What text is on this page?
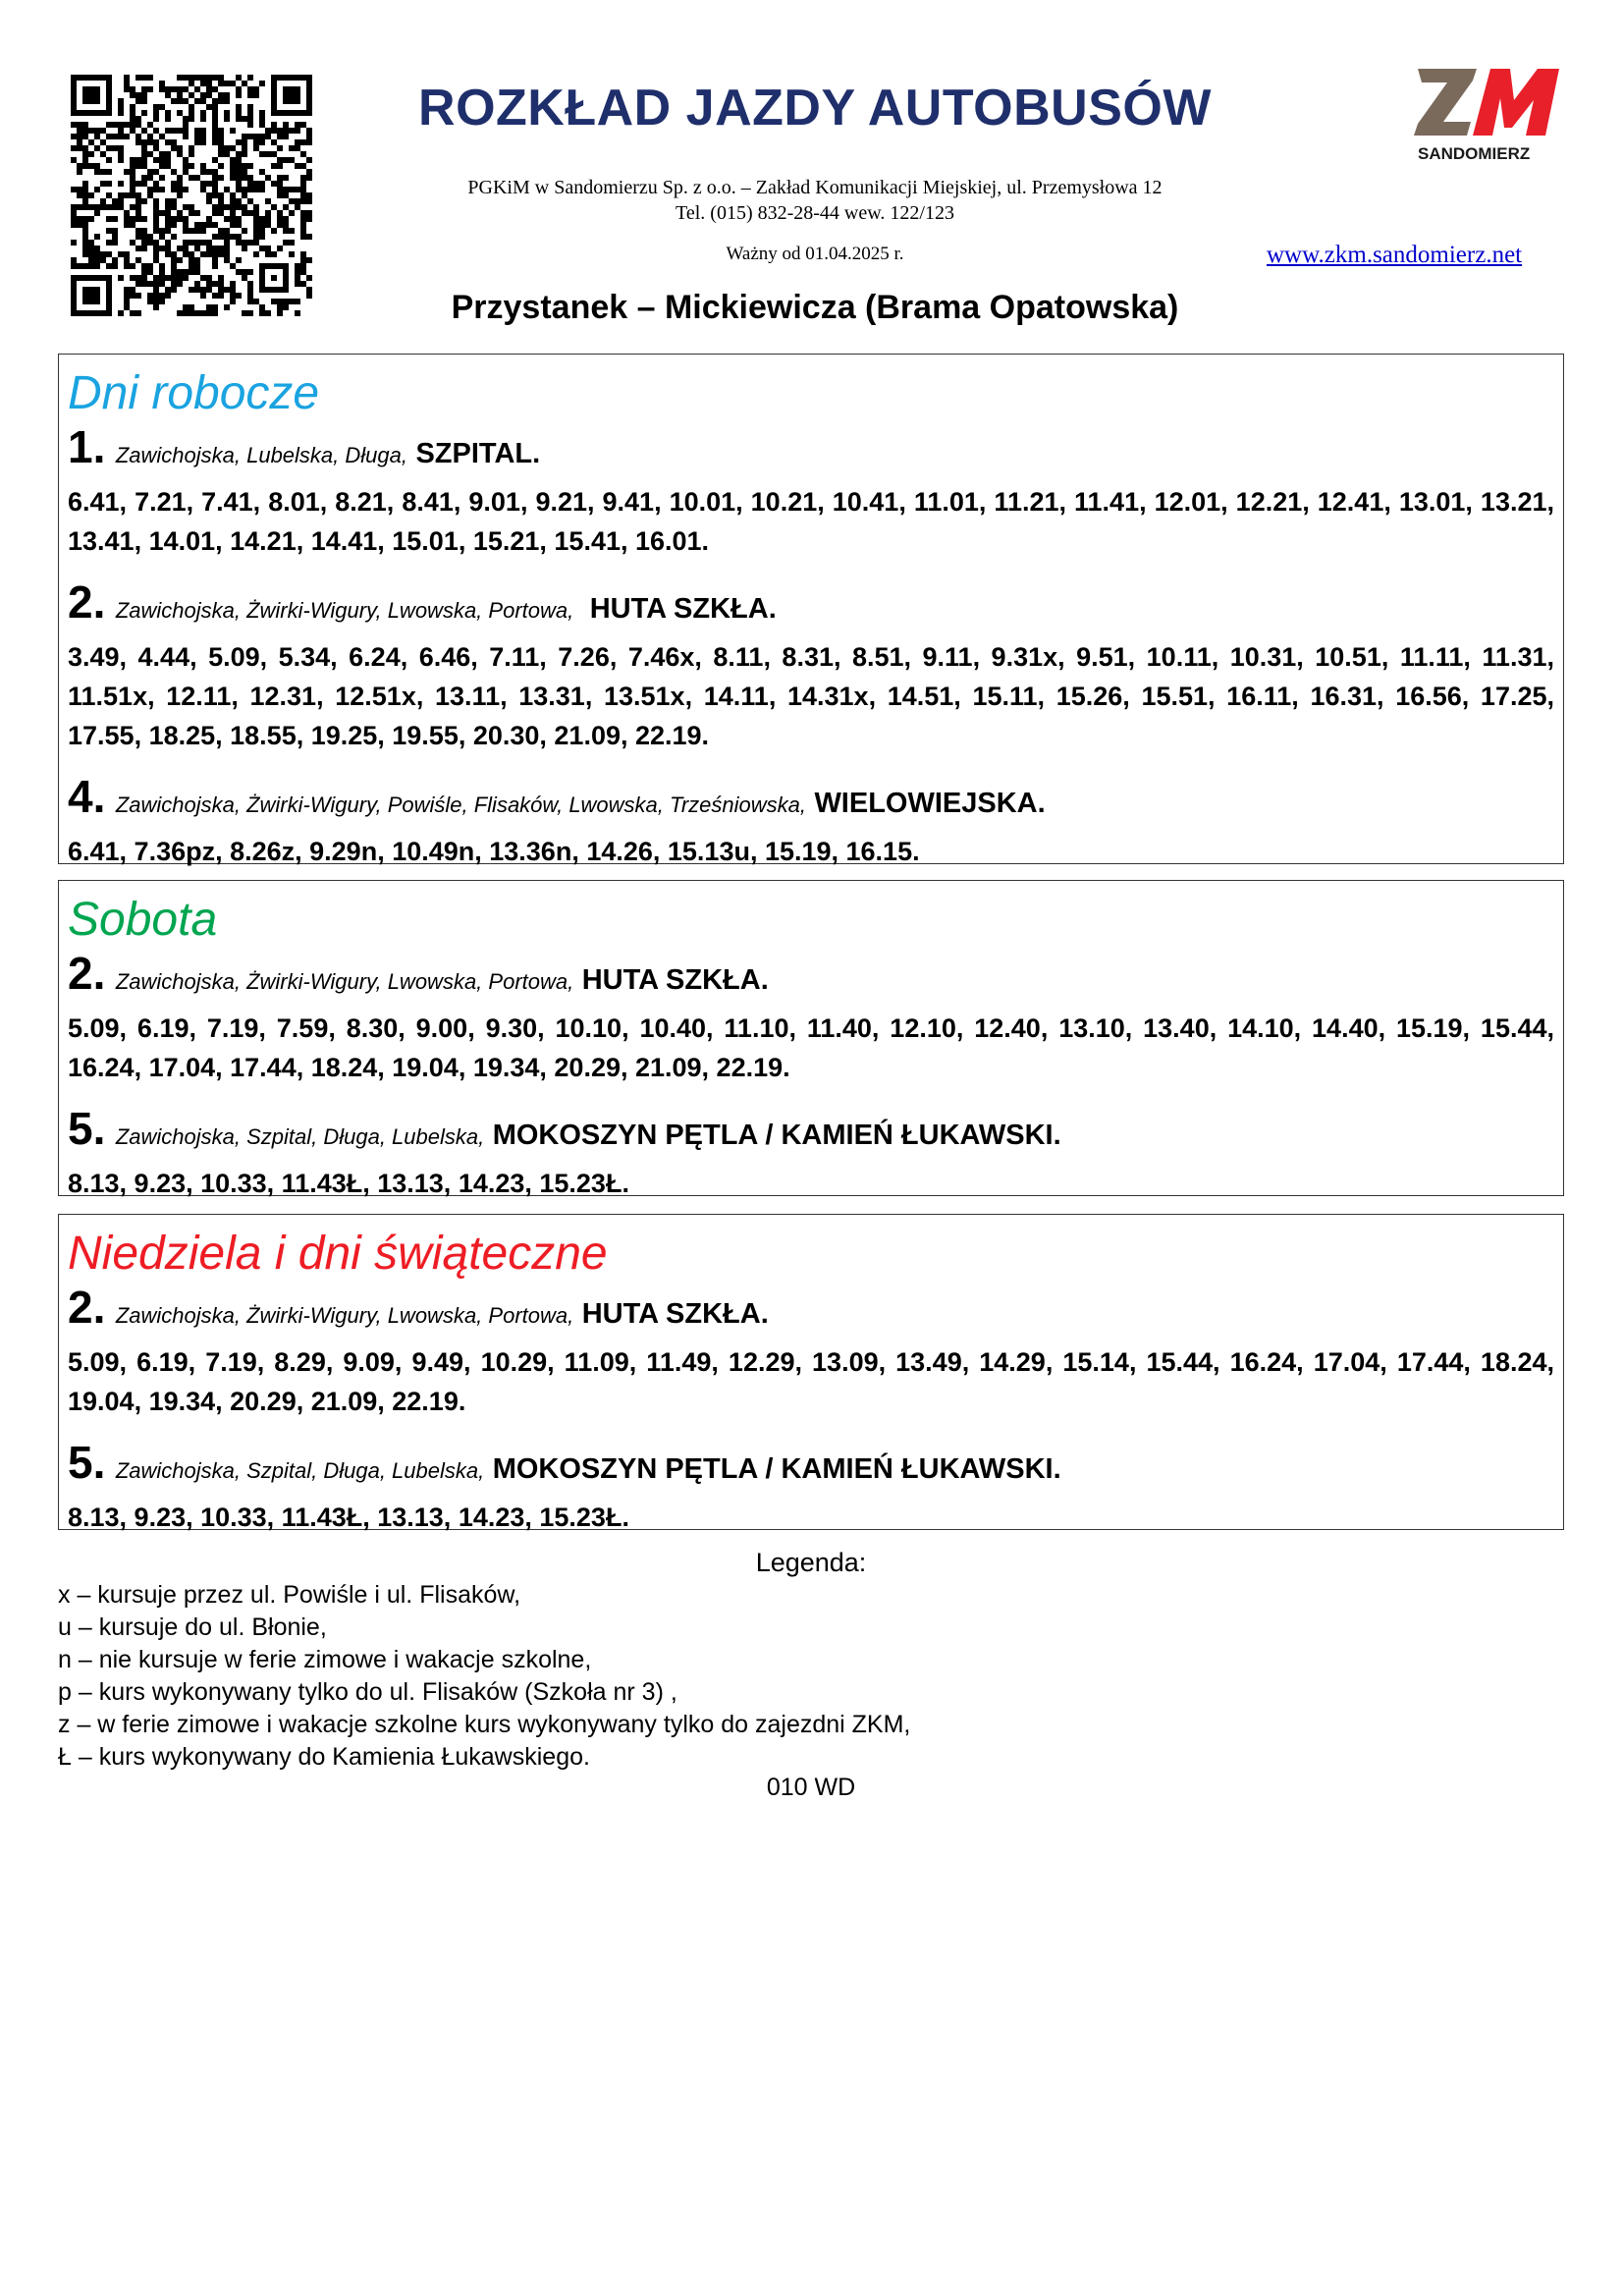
SANDOMIERZ
ROZKŁAD JAZDY AUTOBUSÓW
PGKiM w Sandomierzu Sp. z o.o. – Zakład Komunikacji Miejskiej, ul. Przemysłowa 12
Tel. (015) 832-28-44 wew. 122/123
Ważny od 01.04.2025 r.	www.zkm.sandomierz.net
Przystanek – Mickiewicza (Brama Opatowska)
Dni robocze
1. Zawichojska, Lubelska, Długa, SZPITAL.
6.41, 7.21, 7.41, 8.01, 8.21, 8.41, 9.01, 9.21, 9.41, 10.01, 10.21, 10.41, 11.01, 11.21, 11.41, 12.01, 12.21, 12.41, 13.01, 13.21, 13.41, 14.01, 14.21, 14.41, 15.01, 15.21, 15.41, 16.01.
2. Zawichojska, Żwirki-Wigury, Lwowska, Portowa, HUTA SZKŁA.
3.49, 4.44, 5.09, 5.34, 6.24, 6.46, 7.11, 7.26, 7.46x, 8.11, 8.31, 8.51, 9.11, 9.31x, 9.51, 10.11, 10.31, 10.51, 11.11, 11.31, 11.51x, 12.11, 12.31, 12.51x, 13.11, 13.31, 13.51x, 14.11, 14.31x, 14.51, 15.11, 15.26, 15.51, 16.11, 16.31, 16.56, 17.25, 17.55, 18.25, 18.55, 19.25, 19.55, 20.30, 21.09, 22.19.
4. Zawichojska, Żwirki-Wigury, Powiśle, Flisaków, Lwowska, Trześniowska, WIELOWIEJSKA.
6.41, 7.36pz, 8.26z, 9.29n, 10.49n, 13.36n, 14.26, 15.13u, 15.19, 16.15.
Sobota
2. Zawichojska, Żwirki-Wigury, Lwowska, Portowa, HUTA SZKŁA.
5.09, 6.19, 7.19, 7.59, 8.30, 9.00, 9.30, 10.10, 10.40, 11.10, 11.40, 12.10, 12.40, 13.10, 13.40, 14.10, 14.40, 15.19, 15.44, 16.24, 17.04, 17.44, 18.24, 19.04, 19.34, 20.29, 21.09, 22.19.
5. Zawichojska, Szpital, Długa, Lubelska, MOKOSZYN PĘTLA / KAMIEŃ ŁUKAWSKI.
8.13, 9.23, 10.33, 11.43Ł, 13.13, 14.23, 15.23Ł.
Niedziela i dni świąteczne
2. Zawichojska, Żwirki-Wigury, Lwowska, Portowa, HUTA SZKŁA.
5.09, 6.19, 7.19, 8.29, 9.09, 9.49, 10.29, 11.09, 11.49, 12.29, 13.09, 13.49, 14.29, 15.14, 15.44, 16.24, 17.04, 17.44, 18.24, 19.04, 19.34, 20.29, 21.09, 22.19.
5. Zawichojska, Szpital, Długa, Lubelska, MOKOSZYN PĘTLA / KAMIEŃ ŁUKAWSKI.
8.13, 9.23, 10.33, 11.43Ł, 13.13, 14.23, 15.23Ł.
Legenda:
x – kursuje przez ul. Powiśle i ul. Flisaków,
u – kursuje do ul. Błonie,
n – nie kursuje w ferie zimowe i wakacje szkolne,
p – kurs wykonywany tylko do ul. Flisaków (Szkoła nr 3) ,
z – w ferie zimowe i wakacje szkolne kurs wykonywany tylko do zajezdni ZKM,
Ł – kurs wykonywany do Kamienia Łukawskiego.
010 WD
